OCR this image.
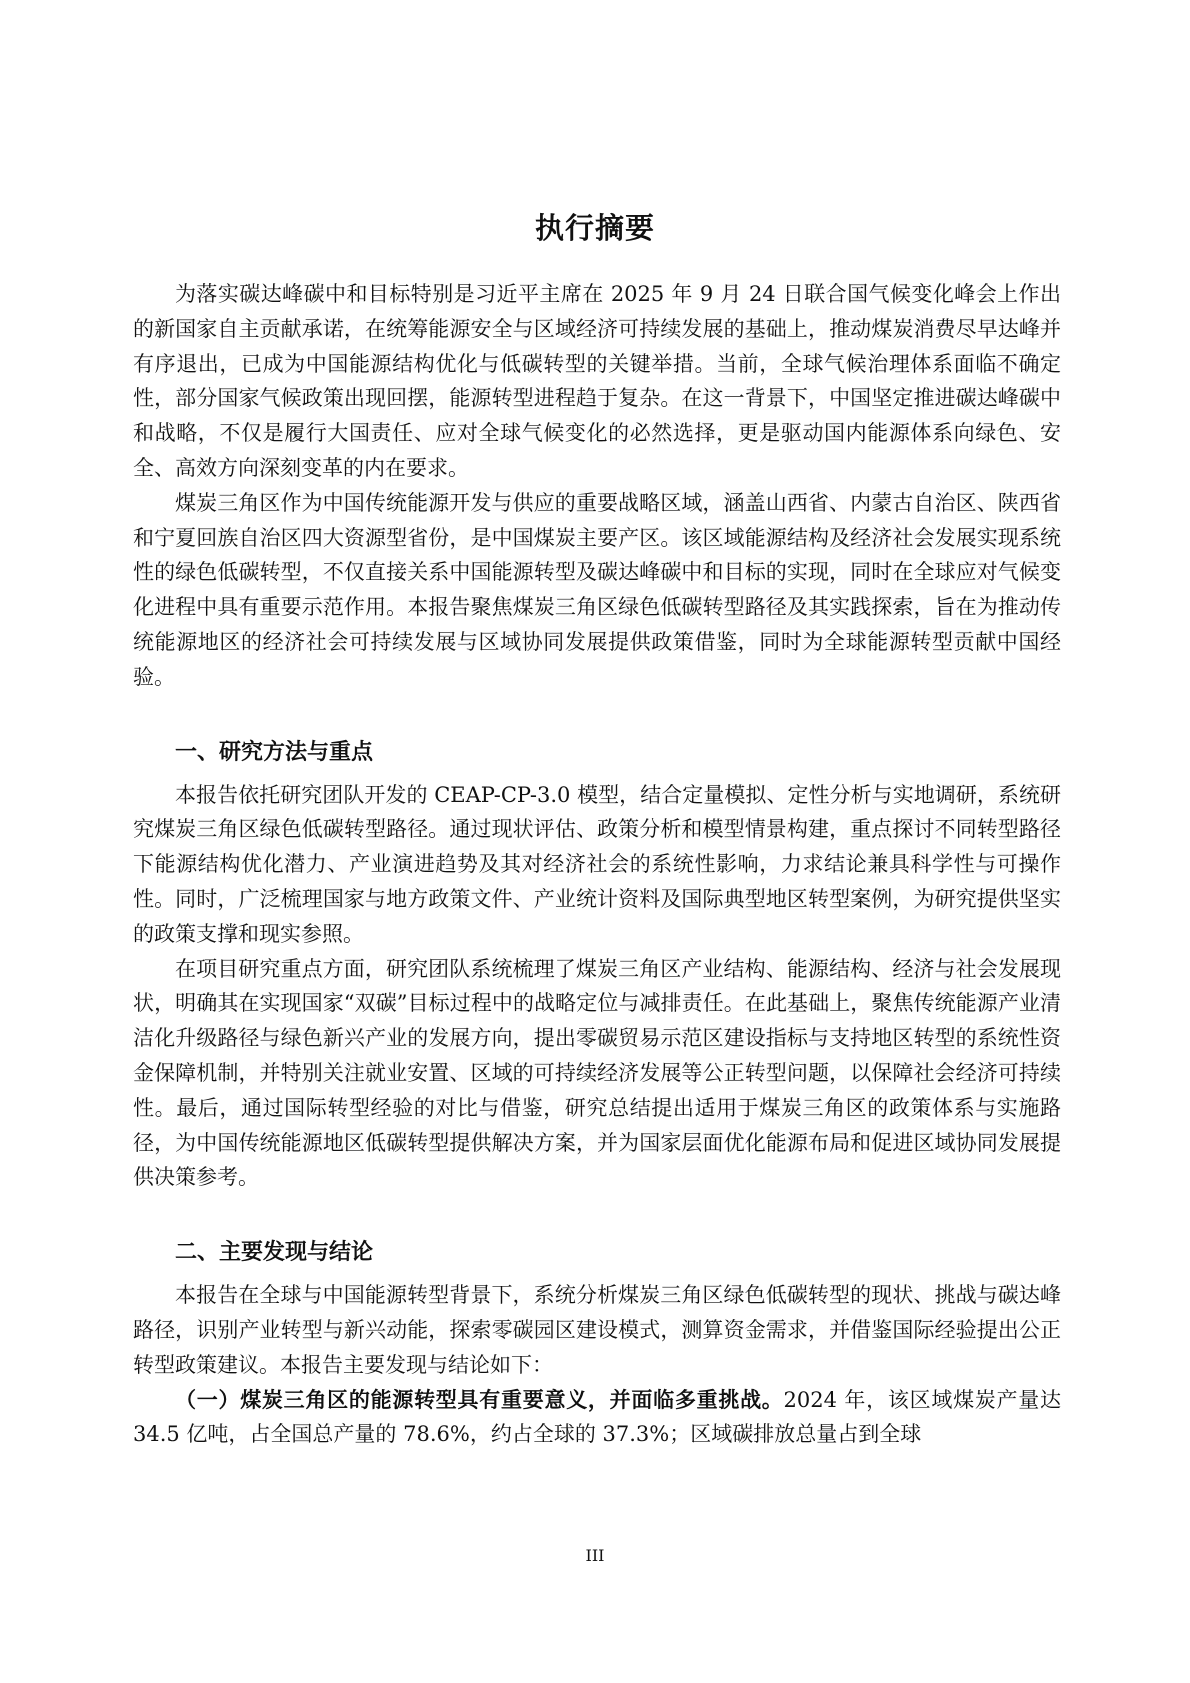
执行摘要

为落实碳达峰碳中和目标特别是习近平主席在 2025 年 9 月 24 日联合国气候变化峰会上作出的新国家自主贡献承诺，在统筹能源安全与区域经济可持续发展的基础上，推动煤炭消费尽早达峰并有序退出，已成为中国能源结构优化与低碳转型的关键举措。当前，全球气候治理体系面临不确定性，部分国家气候政策出现回摆，能源转型进程趋于复杂。在这一背景下，中国坚定推进碳达峰碳中和战略，不仅是履行大国责任、应对全球气候变化的必然选择，更是驱动国内能源体系向绿色、安全、高效方向深刻变革的内在要求。

煤炭三角区作为中国传统能源开发与供应的重要战略区域，涵盖山西省、内蒙古自治区、陕西省和宁夏回族自治区四大资源型省份，是中国煤炭主要产区。该区域能源结构及经济社会发展实现系统性的绿色低碳转型，不仅直接关系中国能源转型及碳达峰碳中和目标的实现，同时在全球应对气候变化进程中具有重要示范作用。本报告聚焦煤炭三角区绿色低碳转型路径及其实践探索，旨在为推动传统能源地区的经济社会可持续发展与区域协同发展提供政策借鉴，同时为全球能源转型贡献中国经验。

一、研究方法与重点

本报告依托研究团队开发的 CEAP-CP-3.0 模型，结合定量模拟、定性分析与实地调研，系统研究煤炭三角区绿色低碳转型路径。通过现状评估、政策分析和模型情景构建，重点探讨不同转型路径下能源结构优化潜力、产业演进趋势及其对经济社会的系统性影响，力求结论兼具科学性与可操作性。同时，广泛梳理国家与地方政策文件、产业统计资料及国际典型地区转型案例，为研究提供坚实的政策支撑和现实参照。

在项目研究重点方面，研究团队系统梳理了煤炭三角区产业结构、能源结构、经济与社会发展现状，明确其在实现国家“双碳”目标过程中的战略定位与减排责任。在此基础上，聚焦传统能源产业清洁化升级路径与绿色新兴产业的发展方向，提出零碳贸易示范区建设指标与支持地区转型的系统性资金保障机制，并特别关注就业安置、区域的可持续经济发展等公正转型问题，以保障社会经济可持续性。最后，通过国际转型经验的对比与借鉴，研究总结提出适用于煤炭三角区的政策体系与实施路径，为中国传统能源地区低碳转型提供解决方案，并为国家层面优化能源布局和促进区域协同发展提供决策参考。

二、主要发现与结论

本报告在全球与中国能源转型背景下，系统分析煤炭三角区绿色低碳转型的现状、挑战与碳达峰路径，识别产业转型与新兴动能，探索零碳园区建设模式，测算资金需求，并借鉴国际经验提出公正转型政策建议。本报告主要发现与结论如下：

（一）煤炭三角区的能源转型具有重要意义，并面临多重挑战。2024 年，该区域煤炭产量达 34.5 亿吨，占全国总产量的 78.6%，约占全球的 37.3%；区域碳排放总量占到全球

III
